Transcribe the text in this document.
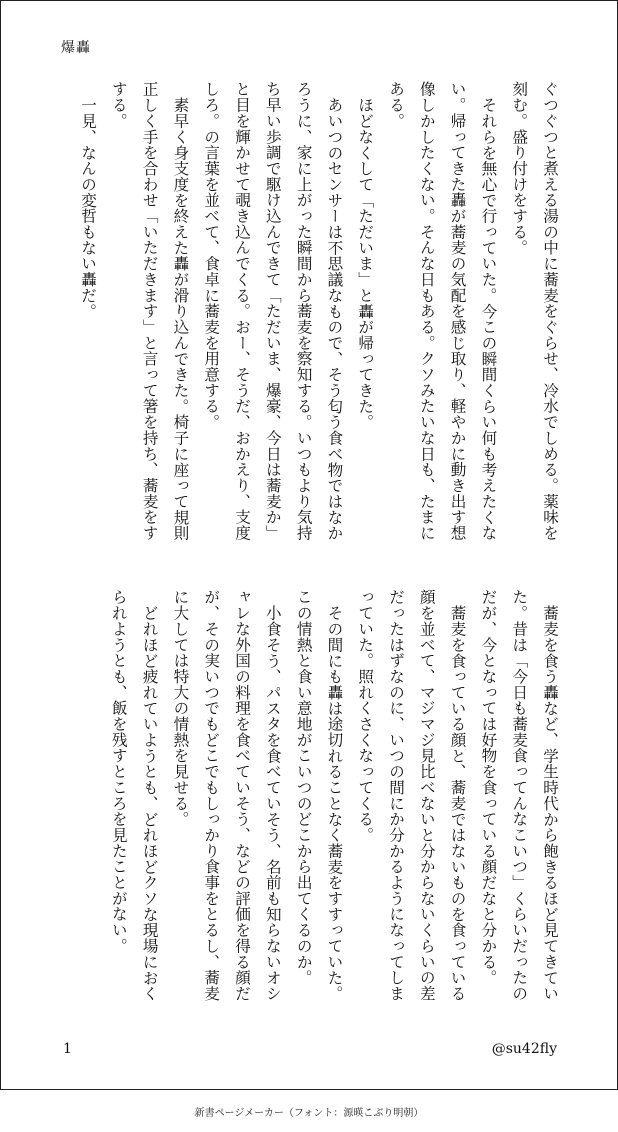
爆轟

ぐつぐつと煮える湯の中に蕎麦をぐらせ、冷水でしめる。薬味を刻む。盛り付けをする。

それらを無心で行っていた。今この瞬間くらい何も考えたくない。帰ってきた轟が蕎麦の気配を感じ取り、軽やかに動き出す想像しかしたくない。そんな日もある。クソみたいな日も、たまにある。

ほどなくして「ただいま」と轟が帰ってきた。

あいつのセンサーは不思議なもので、そう匂う食べ物ではなかろうに、家に上がった瞬間から蕎麦を察知する。いつもより気持ち早い歩調で駆け込んできて「ただいま、爆豪、今日は蕎麦か」と目を輝かせて覗き込んでくる。おー、そうだ、おかえり、支度しろ。の言葉を並べて、食卓に蕎麦を用意する。

素早く身支度を終えた轟が滑り込んできた。椅子に座って規則正しく手を合わせ「いただきます」と言って箸を持ち、蕎麦をすする。

一見、なんの変哲もない轟だ。

蕎麦を食う轟など、学生時代から飽きるほど見てきていた。昔は「今日も蕎麦食ってんなこいつ」くらいだったのだが、今となっては好物を食っている顔だなと分かる。

蕎麦を食っている顔と、蕎麦ではないものを食っている顔を並べて、マジマジ見比べないと分からないくらいの差だったはずなのに、いつの間にか分かるようになってしまっていた。照れくさくなってくる。

その間にも轟は途切れることなく蕎麦をすすっていた。この情熱と食い意地がこいつのどこから出てくるのか。

小食そう、パスタを食べていそう、名前も知らないオシャレな外国の料理を食べていそう、などの評価を得る顔だが、その実いつでもどこでもしっかり食事をとるし、蕎麦に大しては特大の情熱を見せる。

どれほど疲れていようとも、どれほどクソな現場におくられようとも、飯を残すところを見たことがない。

1	@su42fly
新書ページメーカー（フォント：源暎こぶり明朝）
